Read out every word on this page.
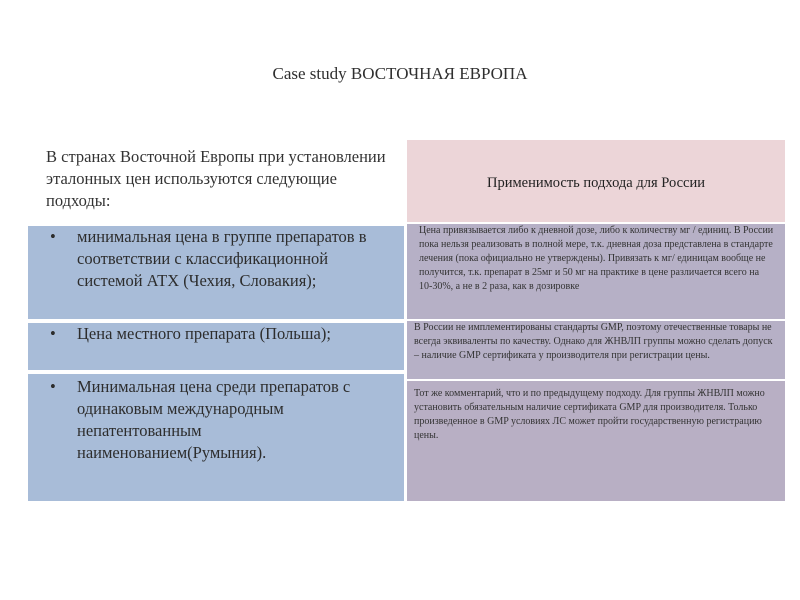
Case study ВОСТОЧНАЯ ЕВРОПА
В странах Восточной Европы при установлении эталонных цен используются следующие подходы:
Применимость подхода для России
• минимальная цена в группе препаратов в соответствии с классификационной системой АТХ (Чехия, Словакия);
• Цена местного препарата (Польша);
• Минимальная цена среди препаратов с одинаковым международным непатентованным наименованием(Румыния).
Цена привязывается либо к дневной дозе, либо к количеству мг / единиц. В России пока нельзя реализовать в полной мере, т.к. дневная доза представлена в стандарте лечения (пока официально не утверждены). Привязать к мг/ единицам вообще не получится, т.к. препарат в 25мг и 50 мг на практике в цене различается всего на 10-30%, а не в 2 раза, как в дозировке
В России не имплементированы стандарты GMP, поэтому отечественные товары не всегда эквиваленты по качеству. Однако для ЖНВЛП группы можно сделать допуск – наличие GMP сертификата у производителя при регистрации цены.
Тот же комментарий, что и по предыдущему подходу. Для группы ЖНВЛП можно установить обязательным наличие сертификата GMP для производителя. Только произведенное в GMP условиях ЛС может пройти государственную регистрацию цены.
